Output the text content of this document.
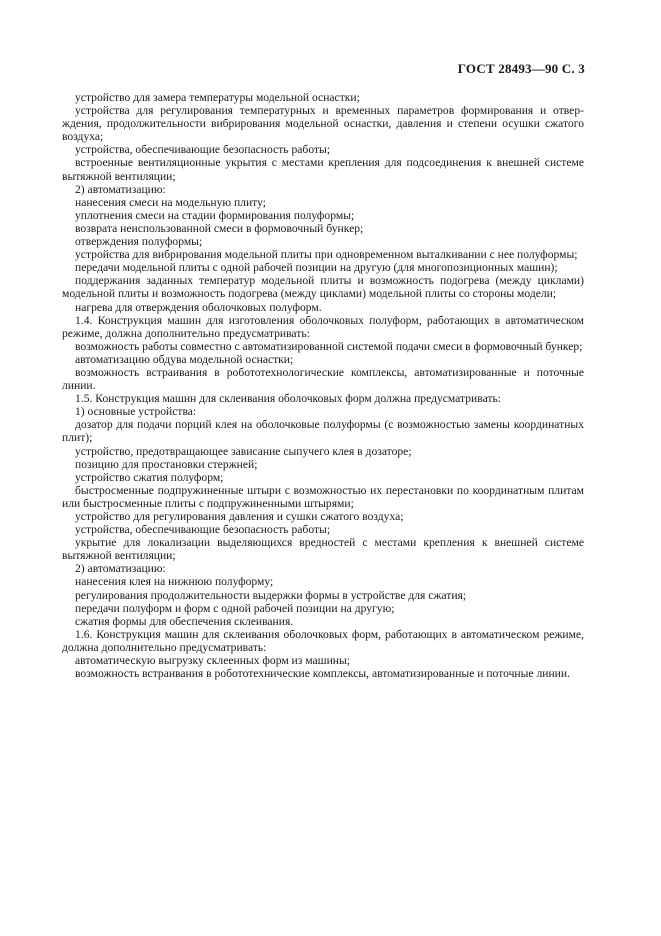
ГОСТ 28493—90 С. 3

устройство для замера температуры модельной оснастки;

устройства для регулирования температурных и временных параметров формирования и отверждения, продолжительности вибрирования модельной оснастки, давления и степени осушки сжатого воздуха;

устройства, обеспечивающие безопасность работы;

встроенные вентиляционные укрытия с местами крепления для подсоединения к внешней системе вытяжной вентиляции;

2) автоматизацию:

нанесения смеси на модельную плиту;

уплотнения смеси на стадии формирования полуформы;

возврата неиспользованной смеси в формовочный бункер;

отверждения полуформы;

устройства для вибрирования модельной плиты при одновременном выталкивании с нее полуформы;

передачи модельной плиты с одной рабочей позиции на другую (для многопозиционных машин);

поддержания заданных температур модельной плиты и возможность подогрева (между циклами) модельной плиты и возможность подогрева (между циклами) модельной плиты со стороны модели;

нагрева для отверждения оболочковых полуформ.

1.4. Конструкция машин для изготовления оболочковых полуформ, работающих в автоматическом режиме, должна дополнительно предусматривать:

возможность работы совместно с автоматизированной системой подачи смеси в формовочный бункер;

автоматизацию обдува модельной оснастки;

возможность встраивания в робототехнологические комплексы, автоматизированные и поточные линии.

1.5. Конструкция машин для склеивания оболочковых форм должна предусматривать:

1) основные устройства:

дозатор для подачи порций клея на оболочковые полуформы (с возможностью замены координатных плит);

устройство, предотвращающее зависание сыпучего клея в дозаторе;

позицию для простановки стержней;

устройство сжатия полуформ;

быстросменные подпружиненные штыри с возможностью их перестановки по координатным плитам или быстросменные плиты с подпружиненными штырями;

устройство для регулирования давления и сушки сжатого воздуха;

устройства, обеспечивающие безопасность работы;

укрытие для локализации выделяющихся вредностей с местами крепления к внешней системе вытяжной вентиляции;

2) автоматизацию:

нанесения клея на нижнюю полуформу;

регулирования продолжительности выдержки формы в устройстве для сжатия;

передачи полуформ и форм с одной рабочей позиции на другую;

сжатия формы для обеспечения склеивания.

1.6. Конструкция машин для склеивания оболочковых форм, работающих в автоматическом режиме, должна дополнительно предусматривать:

автоматическую выгрузку склеенных форм из машины;

возможность встраивания в робототехнические комплексы, автоматизированные и поточные линии.
